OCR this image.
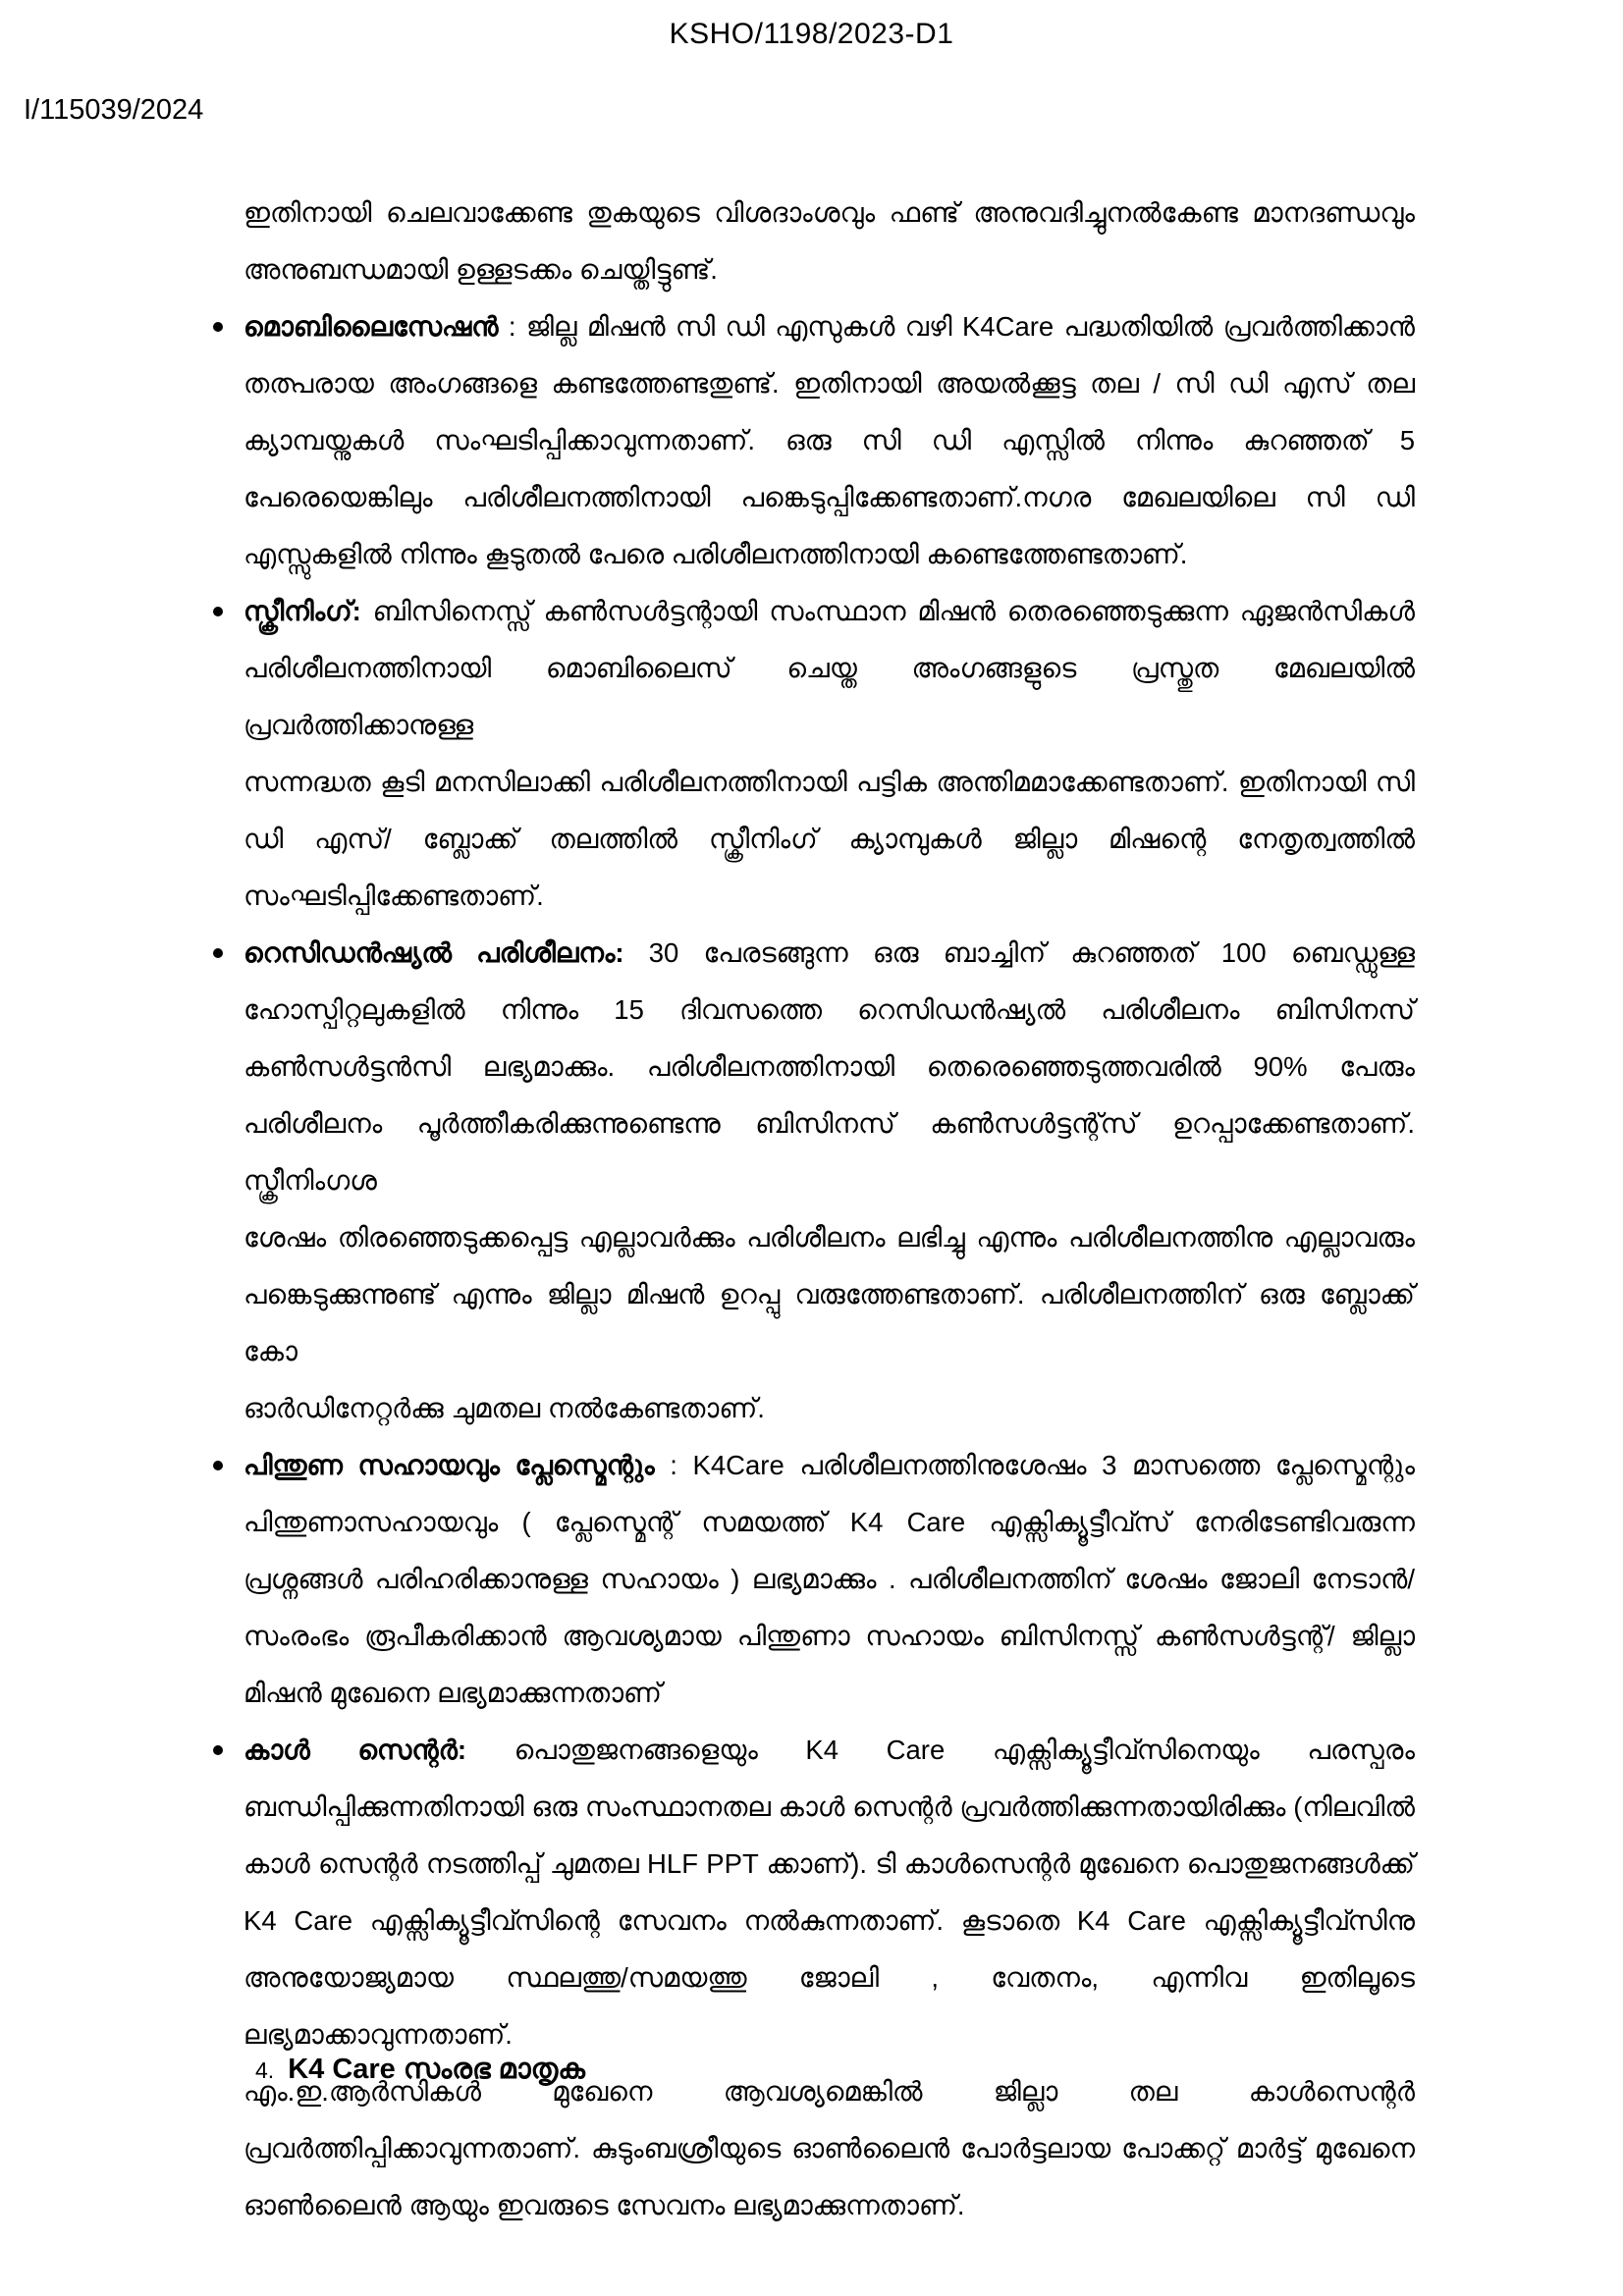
KSHO/1198/2023-D1
I/115039/2024
ഇതിനായി ചെലവാക്കേണ്ട തുകയുടെ വിശദാംശവും ഫണ്ട് അനുവദിച്ചുനൽകേണ്ട മാനദണ്ഡവും
അനുബന്ധമായി ഉള്ളടക്കം ചെയ്തിട്ടുണ്ട്.
മൊബിലൈസേഷൻ : ജില്ല മിഷൻ സി ഡി എസുകൾ വഴി K4Care പദ്ധതിയിൽ പ്രവർത്തിക്കാൻ
തത്പരായ അംഗങ്ങളെ കണ്ടത്തേണ്ടതുണ്ട്. ഇതിനായി അയൽക്കൂട്ട തല / സി ഡി എസ് തല
ക്യാമ്പയ്നുകൾ സംഘടിപ്പിക്കാവുന്നതാണ്. ഒരു സി ഡി എസ്സിൽ നിന്നും കുറഞ്ഞത് 5
പേരെയെങ്കിലും പരിശീലനത്തിനായി പങ്കെടുപ്പിക്കേണ്ടതാണ്.നഗര മേഖലയിലെ സി ഡി
എസ്സുകളിൽ നിന്നും കൂടുതൽ പേരെ പരിശീലനത്തിനായി കണ്ടെത്തേണ്ടതാണ്.
സ്ക്രീനിംഗ്: ബിസിനെസ്സ് കൺസൾട്ടന്റായി സംസ്ഥാന മിഷൻ തെരഞ്ഞെടുക്കുന്ന ഏജൻസികൾ
പരിശീലനത്തിനായി മൊബിലൈസ് ചെയ്ത അംഗങ്ങളുടെ പ്രസ്തുത മേഖലയിൽ പ്രവർത്തിക്കാനുള്ള
സന്നദ്ധത കൂടി മനസിലാക്കി പരിശീലനത്തിനായി പട്ടിക അന്തിമമാക്കേണ്ടതാണ്. ഇതിനായി സി
ഡി എസ്/ ബ്ലോക്ക് തലത്തിൽ സ്ക്രീനിംഗ് ക്യാമ്പുകൾ ജില്ലാ മിഷന്റെ നേതൃത്വത്തിൽ
സംഘടിപ്പിക്കേണ്ടതാണ്.
റെസിഡൻഷ്യൽ പരിശീലനം: 30 പേരടങ്ങുന്ന ഒരു ബാച്ചിന് കുറഞ്ഞത് 100 ബെഡ്ഡുള്ള
ഹോസ്പിറ്റലുകളിൽ നിന്നും 15 ദിവസത്തെ റെസിഡൻഷ്യൽ പരിശീലനം ബിസിനസ്
കൺസൾട്ടൻസി ലഭ്യമാക്കും. പരിശീലനത്തിനായി തെരെഞ്ഞെടുത്തവരിൽ 90% പേരും
പരിശീലനം പൂർത്തീകരിക്കുന്നുണ്ടെന്നു ബിസിനസ് കൺസൾട്ടന്റ്സ് ഉറപ്പാക്കേണ്ടതാണ്. സ്ക്രീനിംഗശ
ശേഷം തിരഞ്ഞെടുക്കപ്പെട്ട എല്ലാവർക്കും പരിശീലനം ലഭിച്ചു എന്നും പരിശീലനത്തിനു എല്ലാവരും
പങ്കെടുക്കുന്നുണ്ട് എന്നും ജില്ലാ മിഷൻ ഉറപ്പു വരുത്തേണ്ടതാണ്. പരിശീലനത്തിന് ഒരു ബ്ലോക്ക് കോ
ഓർഡിനേറ്റർക്കു ചുമതല നൽകേണ്ടതാണ്.
പിന്തുണ സഹായവും പ്ലേസ്മെന്റും : K4Care പരിശീലനത്തിനുശേഷം 3 മാസത്തെ പ്ലേസ്മെന്റും
പിന്തുണാസഹായവും ( പ്ലേസ്മെന്റ് സമയത്ത് K4 Care എക്സിക്യൂട്ടീവ്സ് നേരിടേണ്ടിവരുന്ന
പ്രശ്നങ്ങൾ പരിഹരിക്കാനുള്ള സഹായം ) ലഭ്യമാക്കും . പരിശീലനത്തിന് ശേഷം ജോലി നേടാൻ/
സംരംഭം രൂപീകരിക്കാൻ ആവശ്യമായ പിന്തുണാ സഹായം ബിസിനസ്സ് കൺസൾട്ടന്റ്/ ജില്ലാ
മിഷൻ മുഖേനെ ലഭ്യമാക്കുന്നതാണ്
കാൾ സെന്റർ: പൊതുജനങ്ങളെയും K4 Care എക്സിക്യൂട്ടീവ്സിനെയും പരസ്പരം
ബന്ധിപ്പിക്കുന്നതിനായി ഒരു സംസ്ഥാനതല കാൾ സെന്റർ പ്രവർത്തിക്കുന്നതായിരിക്കും (നിലവിൽ
കാൾ സെന്റർ നടത്തിപ്പ് ചുമതല HLF PPT ക്കാണ്). ടി കാൾസെന്റർ മുഖേനെ പൊതുജനങ്ങൾക്ക്
K4 Care എക്സിക്യൂട്ടീവ്സിന്റെ സേവനം നൽകുന്നതാണ്. കൂടാതെ K4 Care എക്സിക്യൂട്ടീവ്സിനു
അനുയോജ്യമായ സ്ഥലത്തു/സമയത്തു ജോലി , വേതനം, എന്നിവ ഇതിലൂടെ ലഭ്യമാക്കാവുന്നതാണ്.
എം.ഇ.ആർസികൾ മുഖേനെ ആവശ്യമെങ്കിൽ ജില്ലാ തല കാൾസെന്റർ
പ്രവർത്തിപ്പിക്കാവുന്നതാണ്. കുടുംബശ്രീയുടെ ഓൺലൈൻ പോർട്ടലായ പോക്കറ്റ് മാർട്ട് മുഖേനെ
ഓൺലൈൻ ആയും ഇവരുടെ സേവനം ലഭ്യമാക്കുന്നതാണ്.
4. K4 Care സംരഭ മാതൃക
